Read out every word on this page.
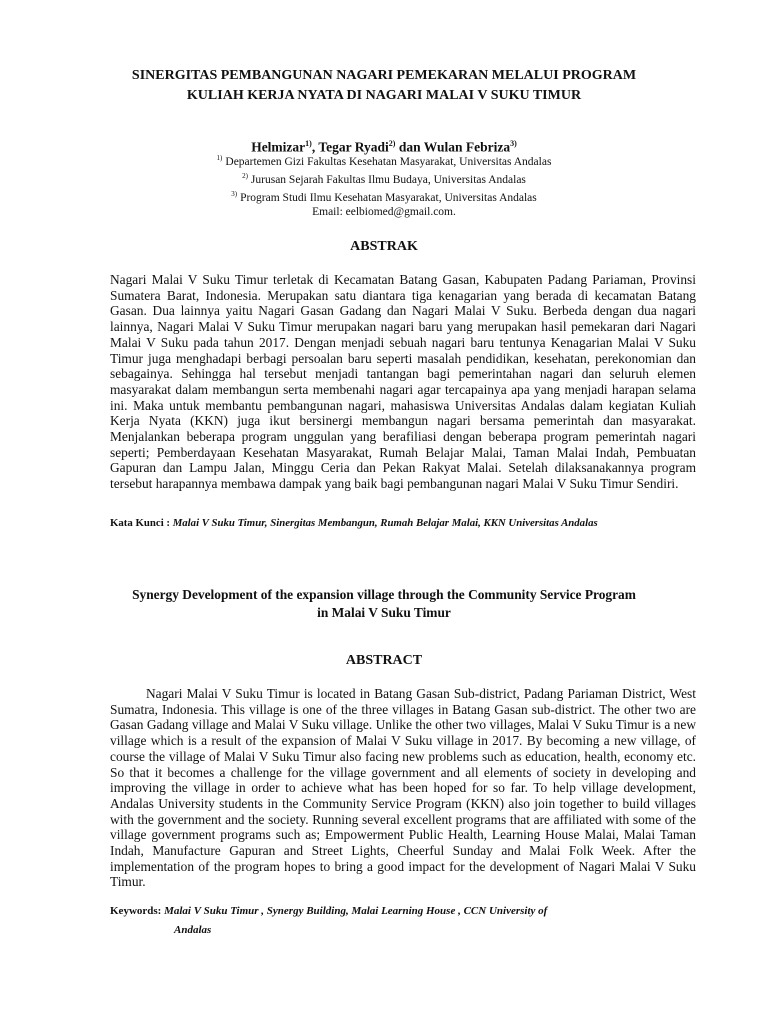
SINERGITAS PEMBANGUNAN NAGARI PEMEKARAN MELALUI PROGRAM
KULIAH KERJA NYATA DI NAGARI MALAI V SUKU TIMUR

Helmizar$^{1)}$, Tegar Ryadi$^{2)}$ dan Wulan Febriza$^{3)}$

$^{1)}$ Departemen Gizi Fakultas Kesehatan Masyarakat, Universitas Andalas
$^{2)}$ Jurusan Sejarah Fakultas Ilmu Budaya, Universitas Andalas
$^{3)}$ Program Studi Ilmu Kesehatan Masyarakat, Universitas Andalas
Email: eelbiomed@gmail.com.
ABSTRAK

Nagari Malai V Suku Timur terletak di Kecamatan Batang Gasan, Kabupaten Padang Pariaman, Provinsi Sumatera Barat, Indonesia. Merupakan satu diantara tiga kenagarian yang berada di kecamatan Batang Gasan. Dua lainnya yaitu Nagari Gasan Gadang dan Nagari Malai V Suku. Berbeda dengan dua nagari lainnya, Nagari Malai V Suku Timur merupakan nagari baru yang merupakan hasil pemekaran dari Nagari Malai V Suku pada tahun 2017. Dengan menjadi sebuah nagari baru tentunya Kenagarian Malai V Suku Timur juga menghadapi berbagi persoalan baru seperti masalah pendidikan, kesehatan, perekonomian dan sebagainya. Sehingga hal tersebut menjadi tantangan bagi pemerintahan nagari dan seluruh elemen masyarakat dalam membangun serta membenahi nagari agar tercapainya apa yang menjadi harapan selama ini. Maka untuk membantu pembangunan nagari, mahasiswa Universitas Andalas dalam kegiatan Kuliah Kerja Nyata (KKN) juga ikut bersinergi membangun nagari bersama pemerintah dan masyarakat. Menjalankan beberapa program unggulan yang berafiliasi dengan beberapa program pemerintah nagari seperti; Pemberdayaan Kesehatan Masyarakat, Rumah Belajar Malai, Taman Malai Indah, Pembuatan Gapuran dan Lampu Jalan, Minggu Ceria dan Pekan Rakyat Malai. Setelah dilaksanakannya program tersebut harapannya membawa dampak yang baik bagi pembangunan nagari Malai V Suku Timur Sendiri.

Kata Kunci : Malai V Suku Timur, Sinergitas Membangun, Rumah Belajar Malai, KKN Universitas Andalas

Synergy Development of the expansion village through the Community Service Program
in Malai V Suku Timur
ABSTRACT

Nagari Malai V Suku Timur is located in Batang Gasan Sub-district, Padang Pariaman District, West Sumatra, Indonesia. This village is one of the three villages in Batang Gasan sub-district. The other two are Gasan Gadang village and Malai V Suku village. Unlike the other two villages, Malai V Suku Timur is a new village which is a result of the expansion of Malai V Suku village in 2017. By becoming a new village, of course the village of Malai V Suku Timur also facing new problems such as education, health, economy etc. So that it becomes a challenge for the village government and all elements of society in developing and improving the village in order to achieve what has been hoped for so far. To help village development, Andalas University students in the Community Service Program (KKN) also join together to build villages with the government and the society. Running several excellent programs that are affiliated with some of the village government programs such as; Empowerment Public Health, Learning House Malai, Malai Taman Indah, Manufacture Gapuran and Street Lights, Cheerful Sunday and Malai Folk Week. After the implementation of the program hopes to bring a good impact for the development of Nagari Malai V Suku Timur.

Keywords: Malai V Suku Timur , Synergy Building, Malai Learning House , CCN University of
Andalas
